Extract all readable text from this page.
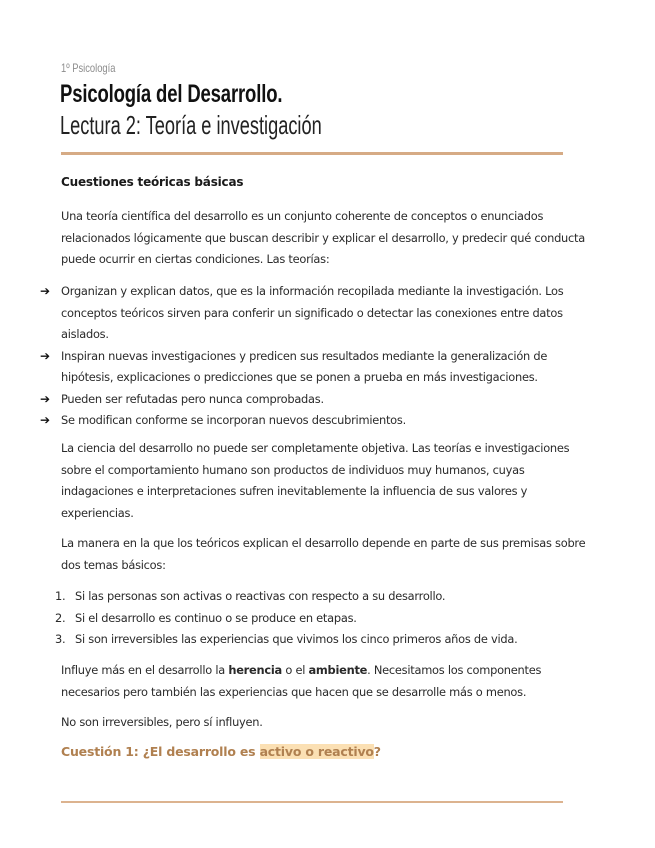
1º Psicología
Psicología del Desarrollo.
Lectura 2: Teoría e investigación
Cuestiones teóricas básicas
Una teoría científica del desarrollo es un conjunto coherente de conceptos o enunciados relacionados lógicamente que buscan describir y explicar el desarrollo, y predecir qué conducta puede ocurrir en ciertas condiciones. Las teorías:
➔ Organizan y explican datos, que es la información recopilada mediante la investigación. Los conceptos teóricos sirven para conferir un significado o detectar las conexiones entre datos aislados.
➔ Inspiran nuevas investigaciones y predicen sus resultados mediante la generalización de hipótesis, explicaciones o predicciones que se ponen a prueba en más investigaciones.
➔ Pueden ser refutadas pero nunca comprobadas.
➔ Se modifican conforme se incorporan nuevos descubrimientos.
La ciencia del desarrollo no puede ser completamente objetiva. Las teorías e investigaciones sobre el comportamiento humano son productos de individuos muy humanos, cuyas indagaciones e interpretaciones sufren inevitablemente la influencia de sus valores y experiencias.
La manera en la que los teóricos explican el desarrollo depende en parte de sus premisas sobre dos temas básicos:
1. Si las personas son activas o reactivas con respecto a su desarrollo.
2. Si el desarrollo es continuo o se produce en etapas.
3. Si son irreversibles las experiencias que vivimos los cinco primeros años de vida.
Influye más en el desarrollo la herencia o el ambiente. Necesitamos los componentes necesarios pero también las experiencias que hacen que se desarrolle más o menos.
No son irreversibles, pero sí influyen.
Cuestión 1: ¿El desarrollo es activo o reactivo?
